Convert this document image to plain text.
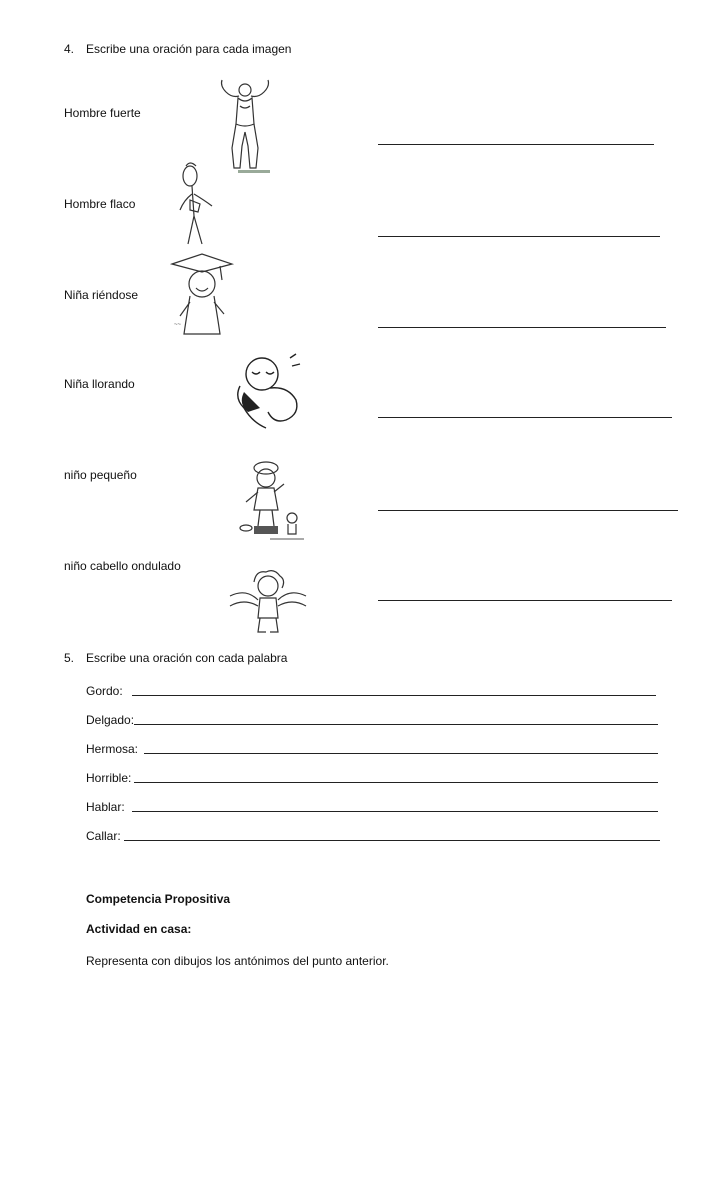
4. Escribe una oración para cada imagen
Hombre fuerte
Hombre flaco
Niña riéndose
~~
Niña llorando
niño pequeño
niño cabello ondulado
5. Escribe una oración con cada palabra
Gordo:
Delgado:
Hermosa:
Horrible:
Hablar:
Callar:
Competencia Propositiva
Actividad en casa:
Representa con dibujos los antónimos del punto anterior.
